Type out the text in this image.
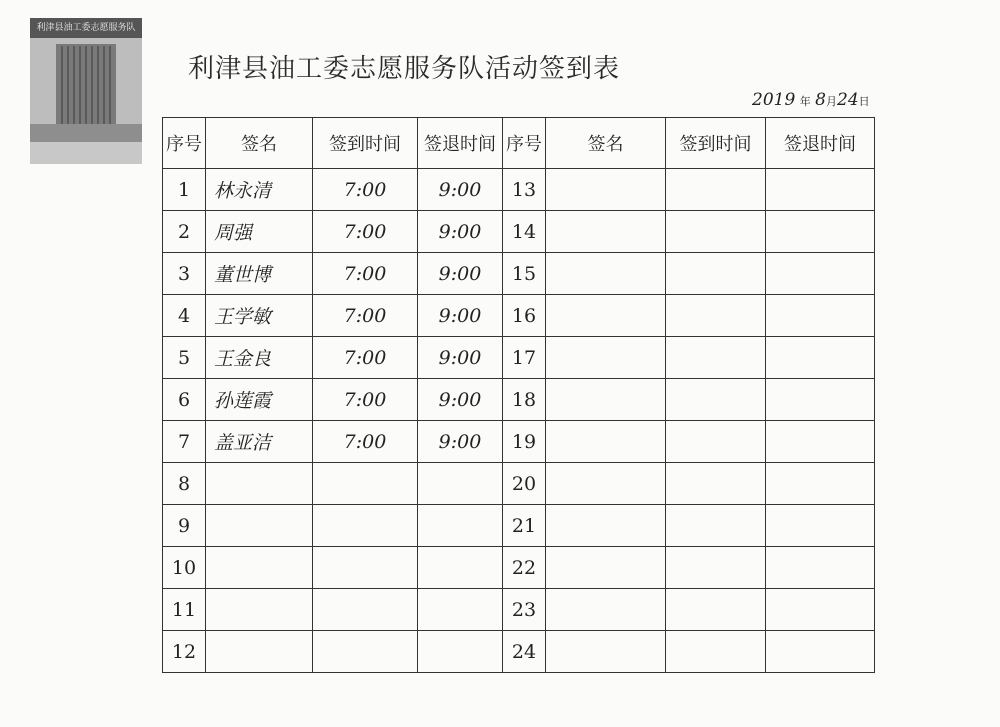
利津县油工委志愿服务队
利津县油工委志愿服务队活动签到表
2019 年 8月24日
序号	签名	签到时间	签退时间	序号	签名	签到时间	签退时间
1	林永清	7:00	9:00	13			
2	周强	7:00	9:00	14			
3	董世博	7:00	9:00	15			
4	王学敏	7:00	9:00	16			
5	王金良	7:00	9:00	17			
6	孙莲霞	7:00	9:00	18			
7	盖亚洁	7:00	9:00	19			
8				20			
9				21			
10				22			
11				23			
12				24			
